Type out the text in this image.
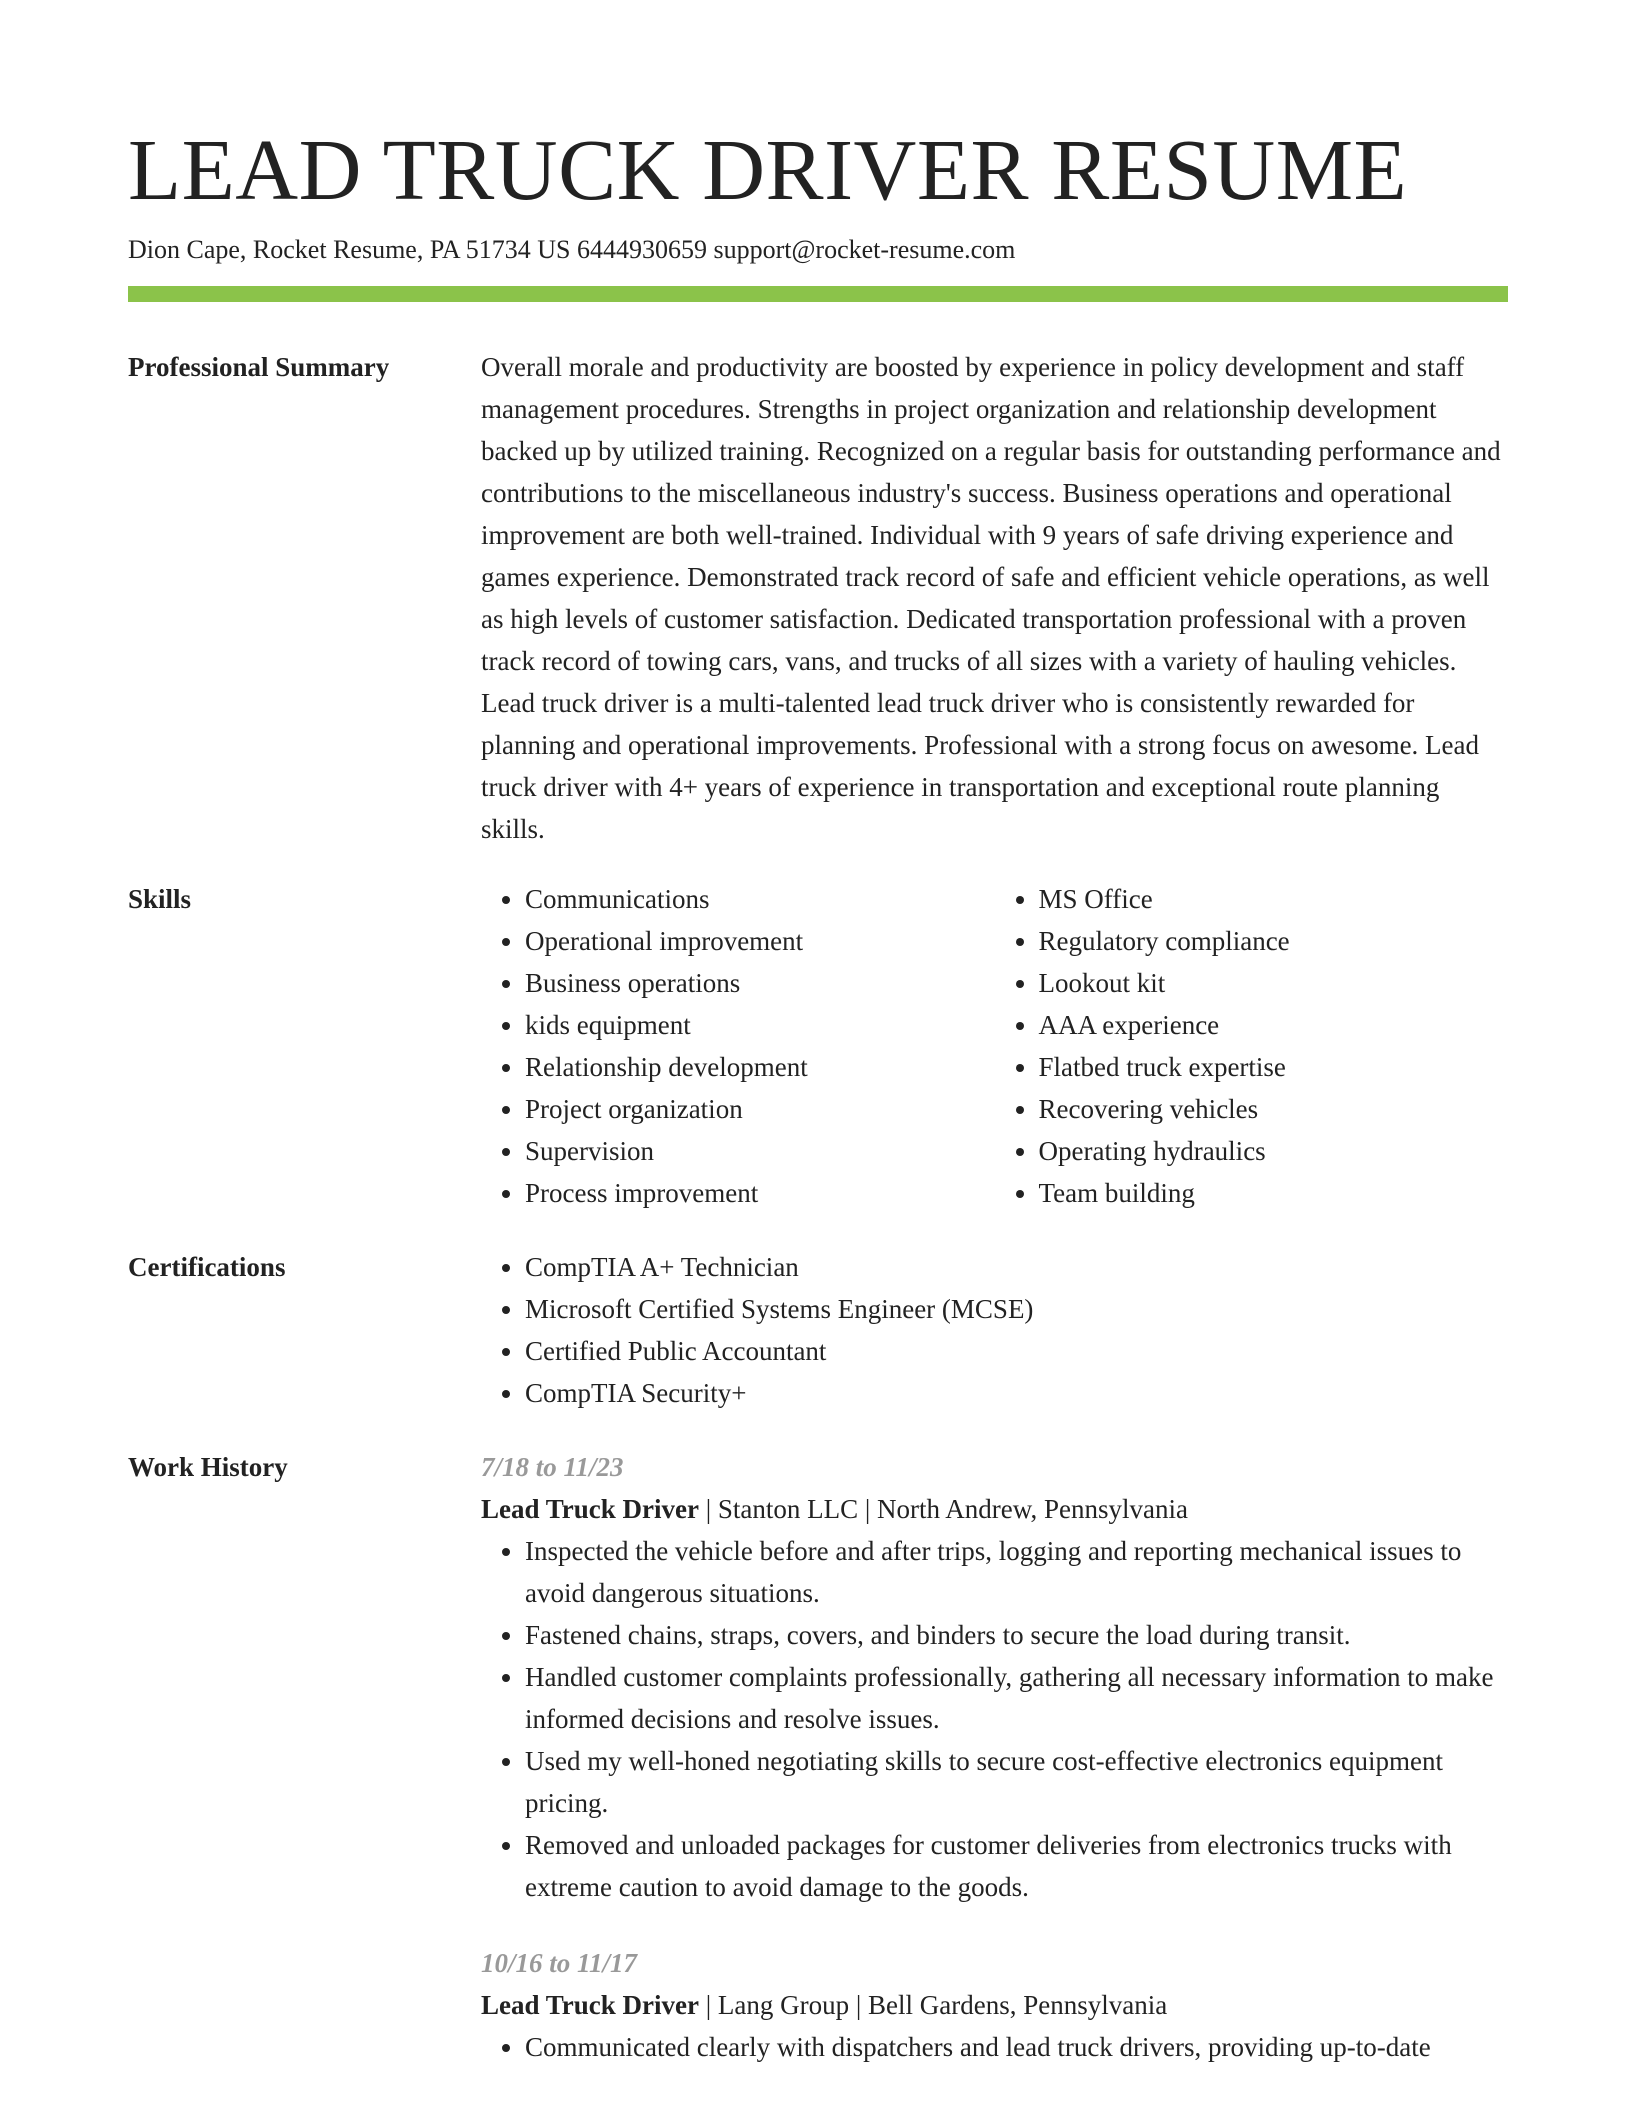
LEAD TRUCK DRIVER RESUME
Dion Cape, Rocket Resume, PA 51734 US 6444930659 support@rocket-resume.com
Professional Summary	Overall morale and productivity are boosted by experience in policy development and staff management procedures. Strengths in project organization and relationship development backed up by utilized training. Recognized on a regular basis for outstanding performance and contributions to the miscellaneous industry's success. Business operations and operational improvement are both well-trained. Individual with 9 years of safe driving experience and games experience. Demonstrated track record of safe and efficient vehicle operations, as well as high levels of customer satisfaction. Dedicated transportation professional with a proven track record of towing cars, vans, and trucks of all sizes with a variety of hauling vehicles. Lead truck driver is a multi-talented lead truck driver who is consistently rewarded for planning and operational improvements. Professional with a strong focus on awesome. Lead truck driver with 4+ years of experience in transportation and exceptional route planning skills.

Skills	• Communications
• Operational improvement
• Business operations
• kids equipment
• Relationship development
• Project organization
• Supervision
• Process improvement
• MS Office
• Regulatory compliance
• Lookout kit
• AAA experience
• Flatbed truck expertise
• Recovering vehicles
• Operating hydraulics
• Team building
Certifications	• CompTIA A+ Technician
• Microsoft Certified Systems Engineer (MCSE)
• Certified Public Accountant
• CompTIA Security+
Work History	7/18 to 11/23
Lead Truck Driver | Stanton LLC | North Andrew, Pennsylvania
• Inspected the vehicle before and after trips, logging and reporting mechanical issues to avoid dangerous situations.
• Fastened chains, straps, covers, and binders to secure the load during transit.
• Handled customer complaints professionally, gathering all necessary information to make informed decisions and resolve issues.
• Used my well-honed negotiating skills to secure cost-effective electronics equipment pricing.
• Removed and unloaded packages for customer deliveries from electronics trucks with extreme caution to avoid damage to the goods.
10/16 to 11/17
Lead Truck Driver | Lang Group | Bell Gardens, Pennsylvania
• Communicated clearly with dispatchers and lead truck drivers, providing up-to-date
